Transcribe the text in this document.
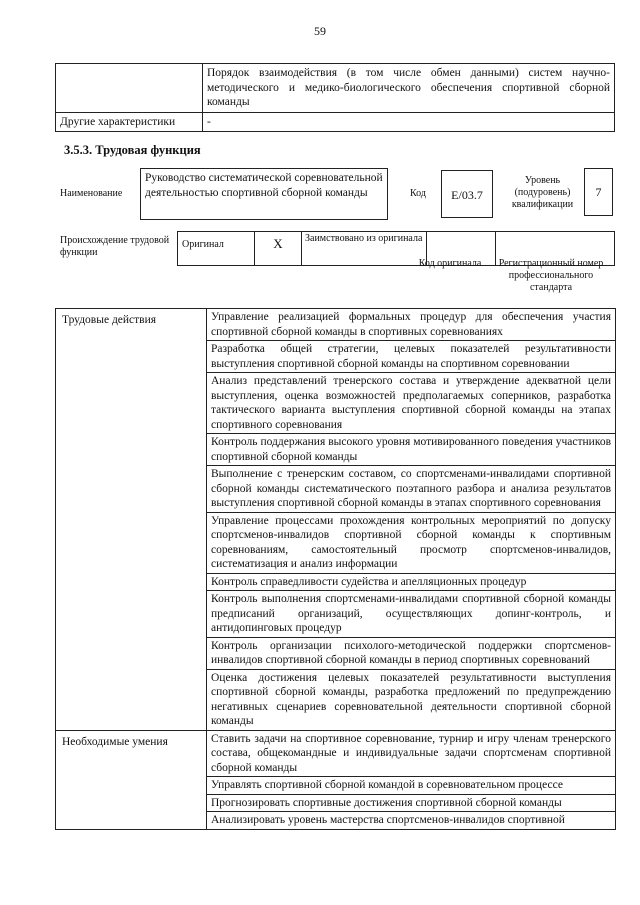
59
	Порядок взаимодействия (в том числе обмен данными) систем научно-методического и медико-биологического обеспечения спортивной сборной команды
Другие характеристики	-
3.5.3. Трудовая функция
Наименование
Руководство систематической соревновательной деятельностью спортивной сборной команды	Код	E/03.7
Уровень (подуровень) квалификации
7
Происхождение трудовой функции
Оригинал	X	Заимствовано из оригинала		
Код оригинала	Регистрационный номер профессионального стандарта
Трудовые действия	Управление реализацией формальных процедур для обеспечения участия спортивной сборной команды в спортивных соревнованиях
	Разработка общей стратегии, целевых показателей результативности выступления спортивной сборной команды на спортивном соревновании
	Анализ представлений тренерского состава и утверждение адекватной цели выступления, оценка возможностей предполагаемых соперников, разработка тактического варианта выступления спортивной сборной команды на этапах спортивного соревнования
	Контроль поддержания высокого уровня мотивированного поведения участников спортивной сборной команды
	Выполнение с тренерским составом, со спортсменами-инвалидами спортивной сборной команды систематического поэтапного разбора и анализа результатов выступления спортивной сборной команды в этапах спортивного соревнования
	Управление процессами прохождения контрольных мероприятий по допуску спортсменов-инвалидов спортивной сборной команды к спортивным соревнованиям, самостоятельный просмотр спортсменов-инвалидов, систематизация и анализ информации
	Контроль справедливости судейства и апелляционных процедур
	Контроль выполнения спортсменами-инвалидами спортивной сборной команды предписаний организаций, осуществляющих допинг-контроль, и антидопинговых процедур
	Контроль организации психолого-методической поддержки спортсменов-инвалидов спортивной сборной команды в период спортивных соревнований
	Оценка достижения целевых показателей результативности выступления спортивной сборной команды, разработка предложений по предупреждению негативных сценариев соревновательной деятельности спортивной сборной команды
Необходимые умения	Ставить задачи на спортивное соревнование, турнир и игру членам тренерского состава, общекомандные и индивидуальные задачи спортсменам спортивной сборной команды
	Управлять спортивной сборной командой в соревновательном процессе
	Прогнозировать спортивные достижения спортивной сборной команды
	Анализировать уровень мастерства спортсменов-инвалидов спортивной
